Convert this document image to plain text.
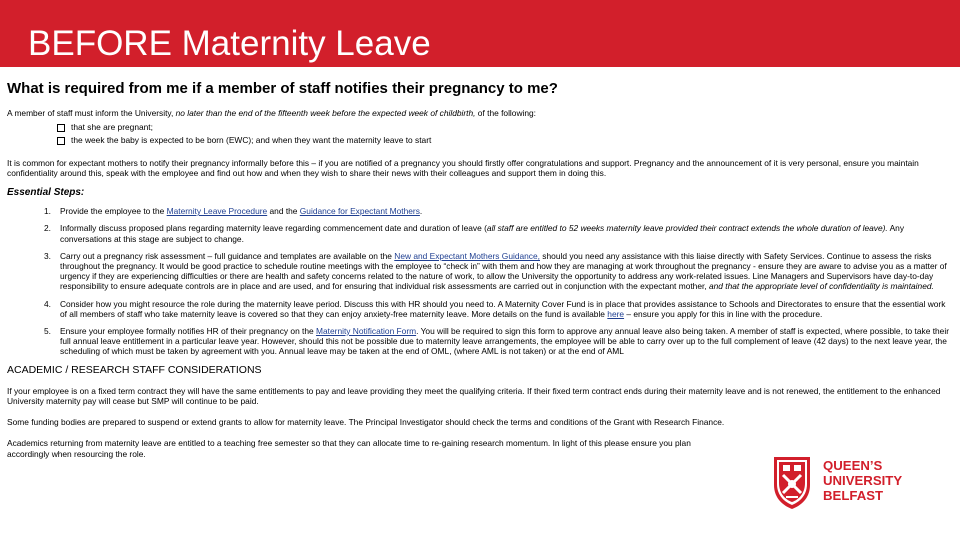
BEFORE Maternity Leave
What is required from me if a member of staff notifies their pregnancy to me?
A member of staff must inform the University, no later than the end of the fifteenth week before the expected week of childbirth, of the following:
that she are pregnant;
the week the baby is expected to be born (EWC); and when they want the maternity leave to start
It is common for expectant mothers to notify their pregnancy informally before this – if you are notified of a pregnancy you should firstly offer congratulations and support. Pregnancy and the announcement of it is very personal, ensure you maintain confidentiality around this, speak with the employee and find out how and when they wish to share their news with their colleagues and support them in doing this.
Essential Steps:
1.	Provide the employee to the Maternity Leave Procedure and the Guidance for Expectant Mothers.
2.	Informally discuss proposed plans regarding maternity leave regarding commencement date and duration of leave (all staff are entitled to 52 weeks maternity leave provided their contract extends the whole duration of leave). Any conversations at this stage are subject to change.
3.	Carry out a pregnancy risk assessment – full guidance and templates are available on the New and Expectant Mothers Guidance, should you need any assistance with this liaise directly with Safety Services. Continue to assess the risks throughout the pregnancy. It would be good practice to schedule routine meetings with the employee to “check in” with them and how they are managing at work throughout the pregnancy - ensure they are aware to advise you as a matter of urgency if they are experiencing difficulties or there are health and safety concerns related to the nature of work, to allow the University the opportunity to address any work-related issues. Line Managers and Supervisors have day-to-day responsibility to ensure adequate controls are in place and are used, and for ensuring that individual risk assessments are carried out in conjunction with the expectant mother, and that the appropriate level of confidentiality is maintained.
4.	Consider how you might resource the role during the maternity leave period. Discuss this with HR should you need to. A Maternity Cover Fund is in place that provides assistance to Schools and Directorates to ensure that the essential work of all members of staff who take maternity leave is covered so that they can enjoy anxiety-free maternity leave. More details on the fund is available here – ensure you apply for this in line with the procedure.
5.	Ensure your employee formally notifies HR of their pregnancy on the Maternity Notification Form. You will be required to sign this form to approve any annual leave also being taken. A member of staff is expected, where possible, to take their full annual leave entitlement in a particular leave year. However, should this not be possible due to maternity leave arrangements, the employee will be able to carry over up to the full complement of leave (42 days) to the next leave year, the scheduling of which must be taken by agreement with you. Annual leave may be taken at the end of OML, (where AML is not taken) or at the end of AML
ACADEMIC / RESEARCH STAFF CONSIDERATIONS
If your employee is on a fixed term contract they will have the same entitlements to pay and leave providing they meet the qualifying criteria. If their fixed term contract ends during their maternity leave and is not renewed, the entitlement to the enhanced University maternity pay will cease but SMP will continue to be paid.
Some funding bodies are prepared to suspend or extend grants to allow for maternity leave. The Principal Investigator should check the terms and conditions of the Grant with Research Finance.
Academics returning from maternity leave are entitled to a teaching free semester so that they can allocate time to re-gaining research momentum. In light of this please ensure you plan accordingly when resourcing the role.
QUEEN’S
UNIVERSITY
BELFAST
